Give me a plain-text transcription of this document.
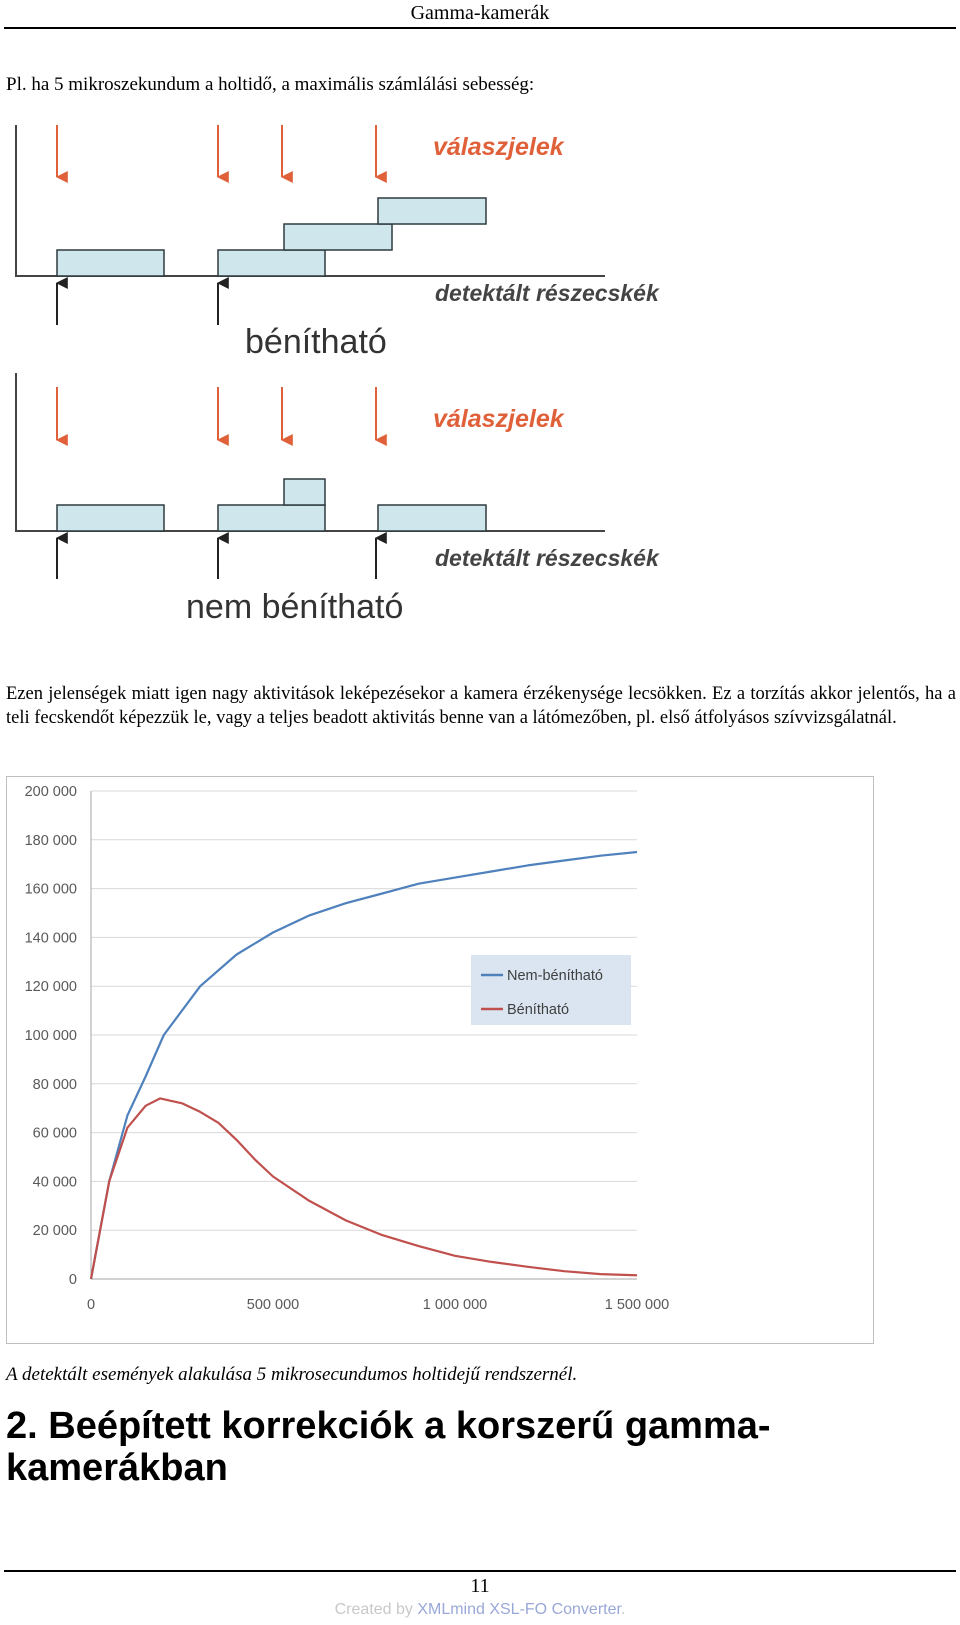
Gamma-kamerák
Pl. ha 5 mikroszekundum a holtidő, a maximális számlálási sebesség:
válaszjelek
detektált részecskék
bénítható
válaszjelek
detektált részecskék
nem bénítható
Ezen jelenségek miatt igen nagy aktivitások leképezésekor a kamera érzékenysége lecsökken. Ez a torzítás akkor jelentős, ha a teli fecskendőt képezzük le, vagy a teljes beadott aktivitás benne van a látómezőben, pl. első átfolyásos szívvizsgálatnál.
0
20 000
40 000
60 000
80 000
100 000
120 000
140 000
160 000
180 000
200 000
0	500 000	1 000 000	1 500 000
Nem-bénítható
Bénítható
A detektált események alakulása 5 mikrosecundumos holtidejű rendszernél.
2. Beépített korrekciók a korszerű gamma-kamerákban
11
Created by XMLmind XSL-FO Converter.
